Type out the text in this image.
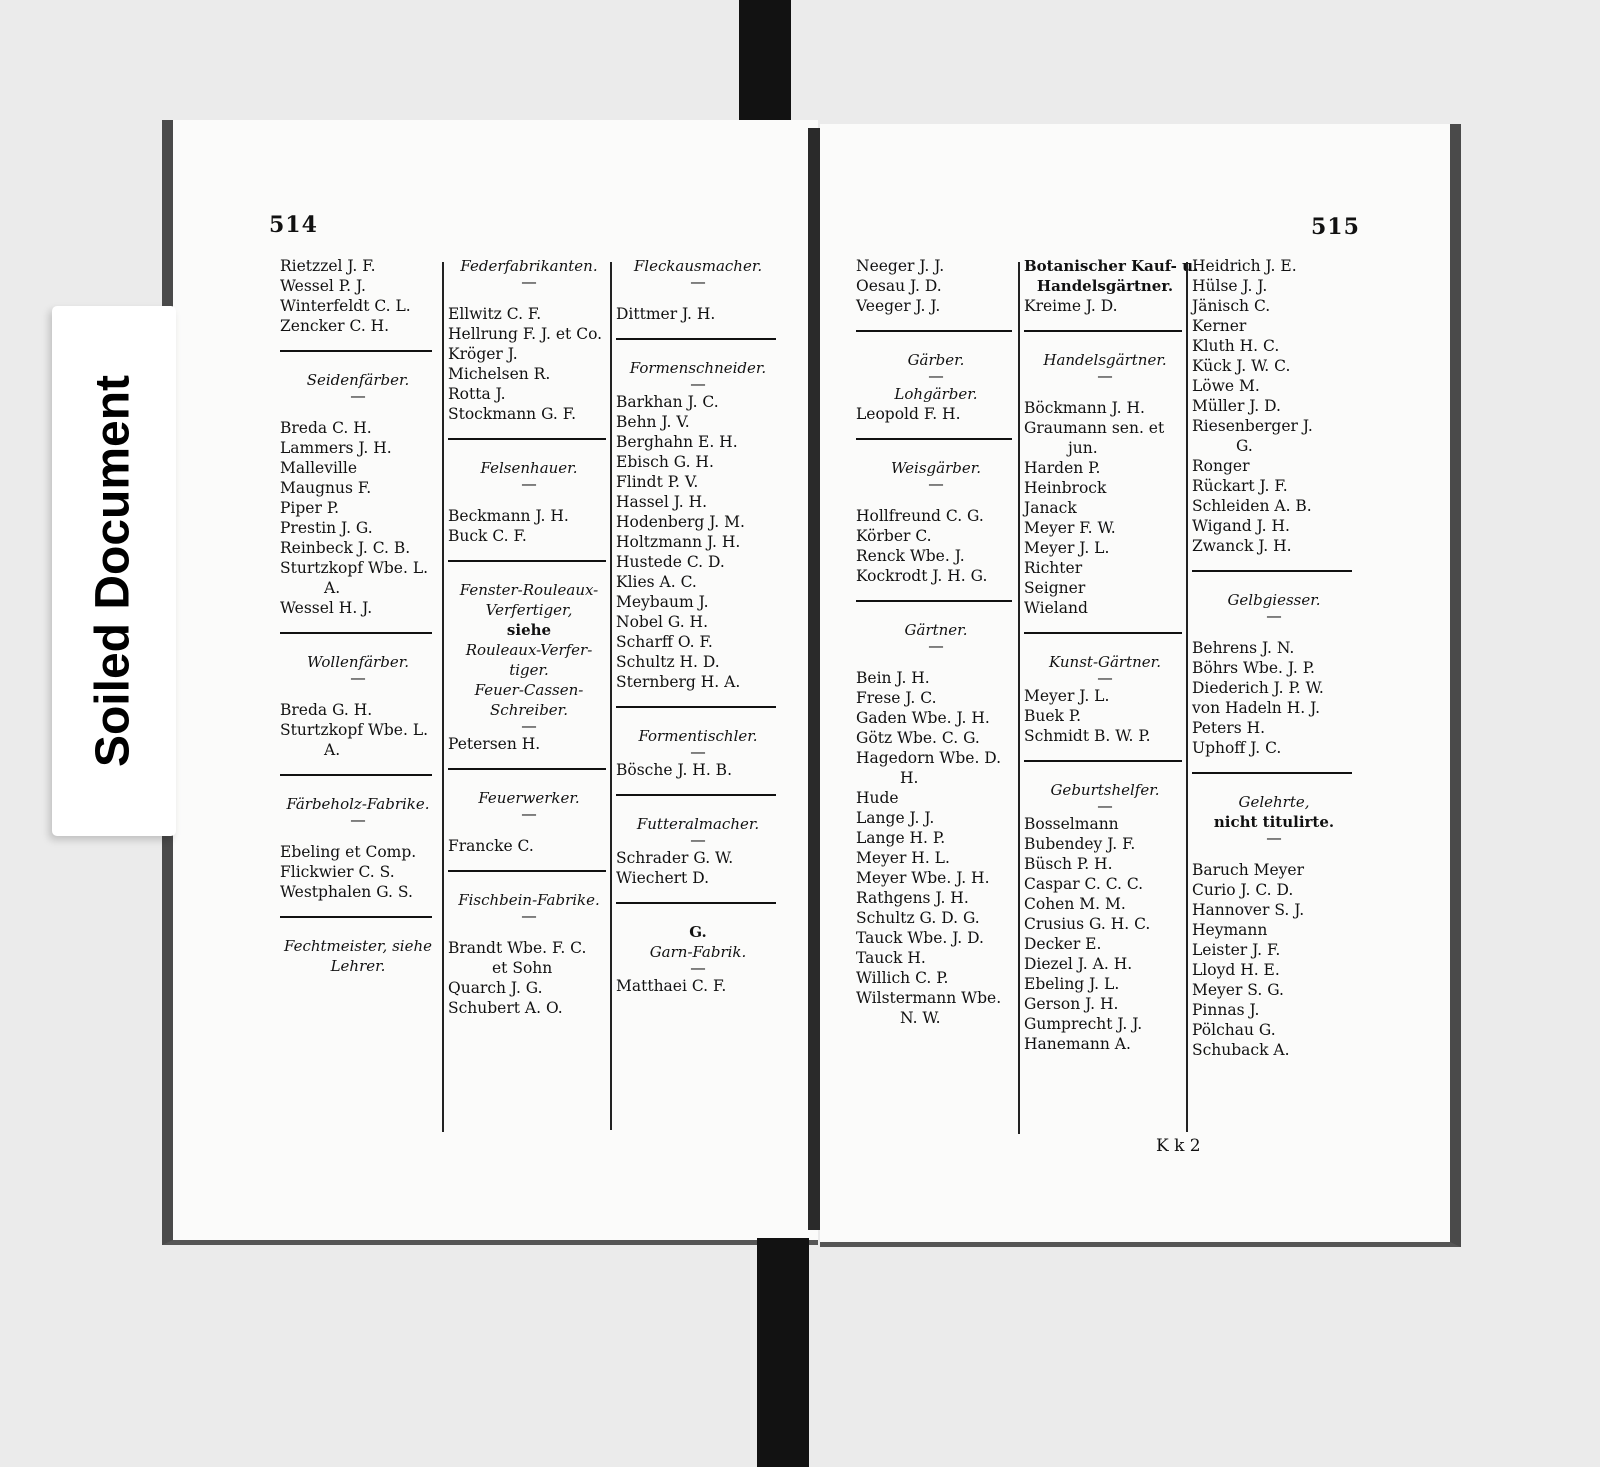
514	515
Rietzzel J. F.
Wessel P. J.
Winterfeldt C. L.
Zencker C. H.
Seidenfärber.
—
Breda C. H.
Lammers J. H.
Malleville
Maugnus F.
Piper P.
Prestin J. G.
Reinbeck J. C. B.
Sturtzkopf Wbe. L.
A.
Wessel H. J.
Wollenfärber.
—
Breda G. H.
Sturtzkopf Wbe. L.
A.
Färbeholz-Fabrike.
—
Ebeling et Comp.
Flickwier C. S.
Westphalen G. S.
Fechtmeister, siehe
Lehrer.
Federfabrikanten.
—
Ellwitz C. F.
Hellrung F. J. et Co.
Kröger J.
Michelsen R.
Rotta J.
Stockmann G. F.
Felsenhauer.
—
Beckmann J. H.
Buck C. F.
Fenster-Rouleaux-
Verfertiger,
siehe
Rouleaux-Verfer-
tiger.
Feuer-Cassen-
Schreiber.
—
Petersen H.
Feuerwerker.
—
Francke C.
Fischbein-Fabrike.
—
Brandt Wbe. F. C.
et Sohn
Quarch J. G.
Schubert A. O.
Fleckausmacher.
—
Dittmer J. H.
Formenschneider.
—
Barkhan J. C.
Behn J. V.
Berghahn E. H.
Ebisch G. H.
Flindt P. V.
Hassel J. H.
Hodenberg J. M.
Holtzmann J. H.
Hustede C. D.
Klies A. C.
Meybaum J.
Nobel G. H.
Scharff O. F.
Schultz H. D.
Sternberg H. A.
Formentischler.
—
Bösche J. H. B.
Futteralmacher.
—
Schrader G. W.
Wiechert D.
G.
Garn-Fabrik.
—
Matthaei C. F.
Neeger J. J.
Oesau J. D.
Veeger J. J.
Gärber.
—
Lohgärber.
Leopold F. H.
Weisgärber.
—
Hollfreund C. G.
Körber C.
Renck Wbe. J.
Kockrodt J. H. G.
Gärtner.
—
Bein J. H.
Frese J. C.
Gaden Wbe. J. H.
Götz Wbe. C. G.
Hagedorn Wbe. D.
H.
Hude
Lange J. J.
Lange H. P.
Meyer H. L.
Meyer Wbe. J. H.
Rathgens J. H.
Schultz G. D. G.
Tauck Wbe. J. D.
Tauck H.
Willich C. P.
Wilstermann Wbe.
N. W.
Botanischer Kauf- u.
Handelsgärtner.
Kreime J. D.
Handelsgärtner.
—
Böckmann J. H.
Graumann sen. et
jun.
Harden P.
Heinbrock
Janack
Meyer F. W.
Meyer J. L.
Richter
Seigner
Wieland
Kunst-Gärtner.
—
Meyer J. L.
Buek P.
Schmidt B. W. P.
Geburtshelfer.
—
Bosselmann
Bubendey J. F.
Büsch P. H.
Caspar C. C. C.
Cohen M. M.
Crusius G. H. C.
Decker E.
Diezel J. A. H.
Ebeling J. L.
Gerson J. H.
Gumprecht J. J.
Hanemann A.
Heidrich J. E.
Hülse J. J.
Jänisch C.
Kerner
Kluth H. C.
Kück J. W. C.
Löwe M.
Müller J. D.
Riesenberger J.
G.
Ronger
Rückart J. F.
Schleiden A. B.
Wigand J. H.
Zwanck J. H.
Gelbgiesser.
—
Behrens J. N.
Böhrs Wbe. J. P.
Diederich J. P. W.
von Hadeln H. J.
Peters H.
Uphoff J. C.
Gelehrte,
nicht titulirte.
—
Baruch Meyer
Curio J. C. D.
Hannover S. J.
Heymann
Leister J. F.
Lloyd H. E.
Meyer S. G.
Pinnas J.
Pölchau G.
Schuback A.
K k 2
Soiled Document
